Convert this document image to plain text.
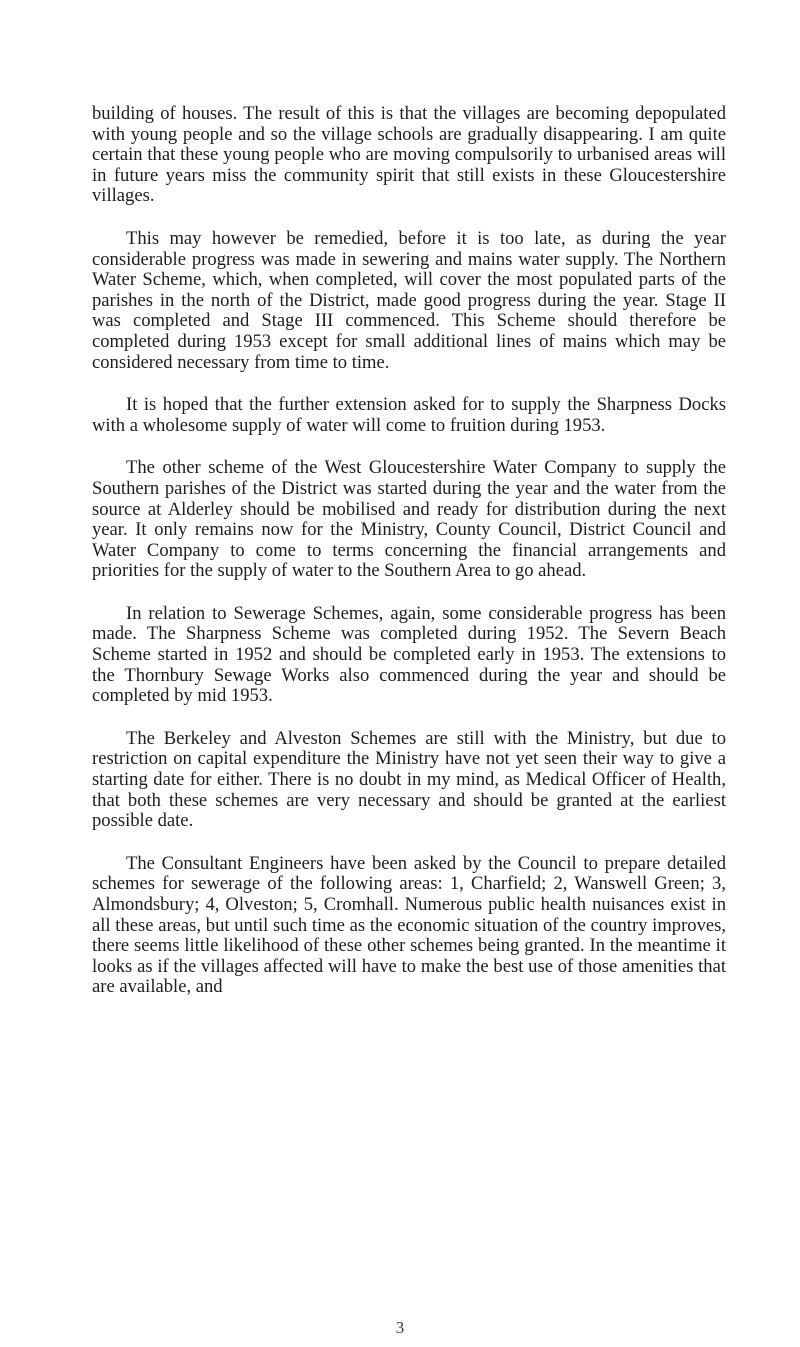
building of houses. The result of this is that the villages are becoming depopulated with young people and so the village schools are gradually disappearing. I am quite certain that these young people who are moving compulsorily to urbanised areas will in future years miss the community spirit that still exists in these Gloucestershire villages.

This may however be remedied, before it is too late, as during the year considerable progress was made in sewering and mains water supply. The Northern Water Scheme, which, when completed, will cover the most populated parts of the parishes in the north of the District, made good progress during the year. Stage II was completed and Stage III commenced. This Scheme should therefore be completed during 1953 except for small additional lines of mains which may be considered necessary from time to time.

It is hoped that the further extension asked for to supply the Sharpness Docks with a wholesome supply of water will come to fruition during 1953.

The other scheme of the West Gloucestershire Water Company to supply the Southern parishes of the District was started during the year and the water from the source at Alderley should be mobilised and ready for distribution during the next year. It only remains now for the Ministry, County Council, District Council and Water Company to come to terms concerning the financial arrangements and priorities for the supply of water to the Southern Area to go ahead.

In relation to Sewerage Schemes, again, some considerable progress has been made. The Sharpness Scheme was completed during 1952. The Severn Beach Scheme started in 1952 and should be completed early in 1953. The extensions to the Thornbury Sewage Works also commenced during the year and should be completed by mid 1953.

The Berkeley and Alveston Schemes are still with the Ministry, but due to restriction on capital expenditure the Ministry have not yet seen their way to give a starting date for either. There is no doubt in my mind, as Medical Officer of Health, that both these schemes are very necessary and should be granted at the earliest possible date.

The Consultant Engineers have been asked by the Council to prepare detailed schemes for sewerage of the following areas: 1, Charfield; 2, Wanswell Green; 3, Almondsbury; 4, Olveston; 5, Cromhall. Numerous public health nuisances exist in all these areas, but until such time as the economic situation of the country improves, there seems little likelihood of these other schemes being granted. In the meantime it looks as if the villages affected will have to make the best use of those amenities that are available, and

3
